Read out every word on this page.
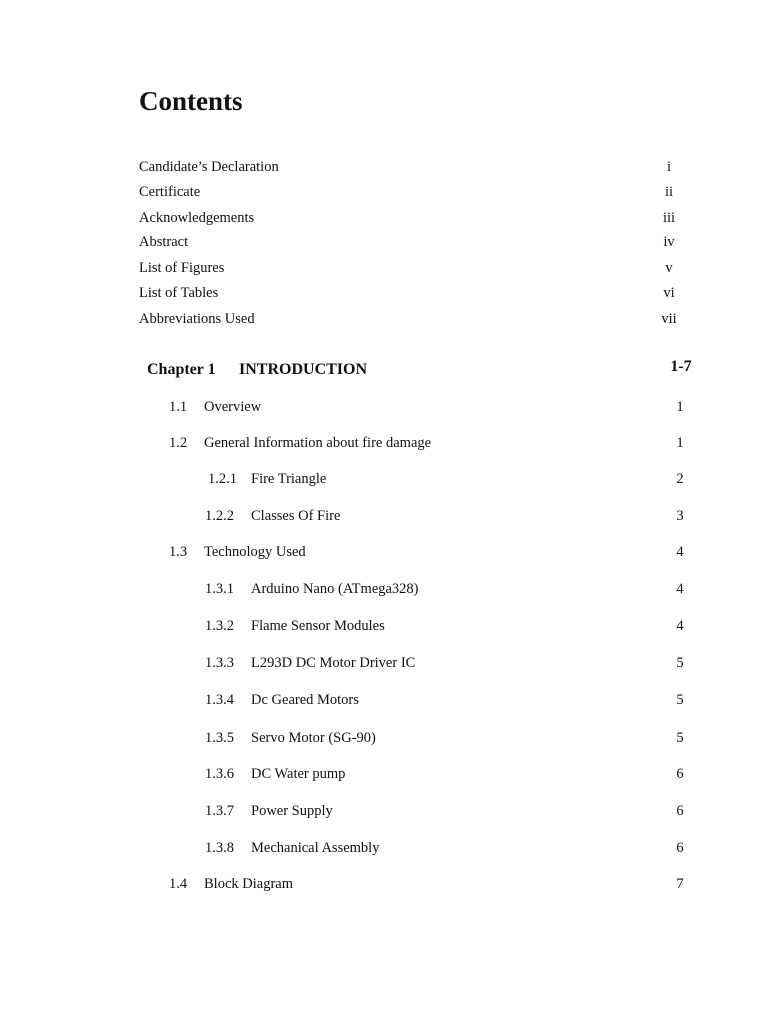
Contents
Candidate’s Declaration	i
Certificate	ii
Acknowledgements	iii
Abstract	iv
List of Figures	v
List of Tables	vi
Abbreviations Used	vii
Chapter 1 INTRODUCTION	1-7
1.1 Overview	1
1.2 General Information about fire damage	1
1.2.1 Fire Triangle	2
1.2.2 Classes Of Fire	3
1.3 Technology Used	4
1.3.1 Arduino Nano (ATmega328)	4
1.3.2 Flame Sensor Modules	4
1.3.3 L293D DC Motor Driver IC	5
1.3.4 Dc Geared Motors	5
1.3.5 Servo Motor (SG-90)	5
1.3.6 DC Water pump	6
1.3.7 Power Supply	6
1.3.8 Mechanical Assembly	6
1.4 Block Diagram	7
